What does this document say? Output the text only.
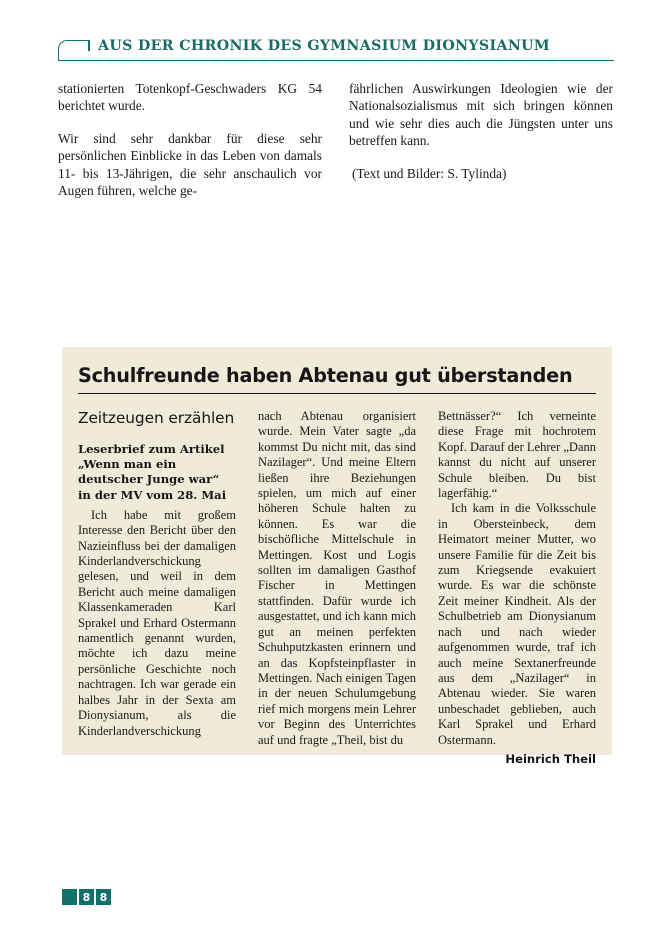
AUS DER CHRONIK DES GYMNASIUM DIONYSIANUM

stationierten Totenkopf-Geschwaders KG 54 berichtet wurde.

Wir sind sehr dankbar für diese sehr persönlichen Einblicke in das Leben von damals 11- bis 13-Jährigen, die sehr anschaulich vor Augen führen, welche ge-

fährlichen Auswirkungen Ideologien wie der Nationalsozialismus mit sich bringen können und wie sehr dies auch die Jüngsten unter uns betreffen kann.

(Text und Bilder: S. Tylinda)

Schulfreunde haben Abtenau gut überstanden

Zeitzeugen erzählen

Leserbrief zum Artikel „Wenn man ein deutscher Junge war“ in der MV vom 28. Mai

Ich habe mit großem Interesse den Bericht über den Nazieinfluss bei der damaligen Kinderlandverschickung gelesen, und weil in dem Bericht auch meine damaligen Klassenkameraden Karl Sprakel und Erhard Ostermann namentlich genannt wurden, möchte ich dazu meine persönliche Geschichte noch nachtragen. Ich war gerade ein halbes Jahr in der Sexta am Dionysianum, als die Kinderlandverschickung

nach Abtenau organisiert wurde. Mein Vater sagte „da kommst Du nicht mit, das sind Nazilager“. Und meine Eltern ließen ihre Beziehungen spielen, um mich auf einer höheren Schule halten zu können. Es war die bischöfliche Mittelschule in Mettingen. Kost und Logis sollten im damaligen Gasthof Fischer in Mettingen stattfinden. Dafür wurde ich ausgestattet, und ich kann mich gut an meinen perfekten Schuhputzkasten erinnern und an das Kopfsteinpflaster in Mettingen. Nach einigen Tagen in der neuen Schulumgebung rief mich morgens mein Lehrer vor Beginn des Unterrichtes auf und fragte „Theil, bist du

Bettnässer?“ Ich verneinte diese Frage mit hochrotem Kopf. Darauf der Lehrer „Dann kannst du nicht auf unserer Schule bleiben. Du bist lagerfähig.“

Ich kam in die Volksschule in Obersteinbeck, dem Heimatort meiner Mutter, wo unsere Familie für die Zeit bis zum Kriegsende evakuiert wurde. Es war die schönste Zeit meiner Kindheit. Als der Schulbetrieb am Dionysianum nach und nach wieder aufgenommen wurde, traf ich auch meine Sextanerfreunde aus dem „Nazilager“ in Abtenau wieder. Sie waren unbeschadet geblieben, auch Karl Sprakel und Erhard Ostermann.

Heinrich Theil

8 8
